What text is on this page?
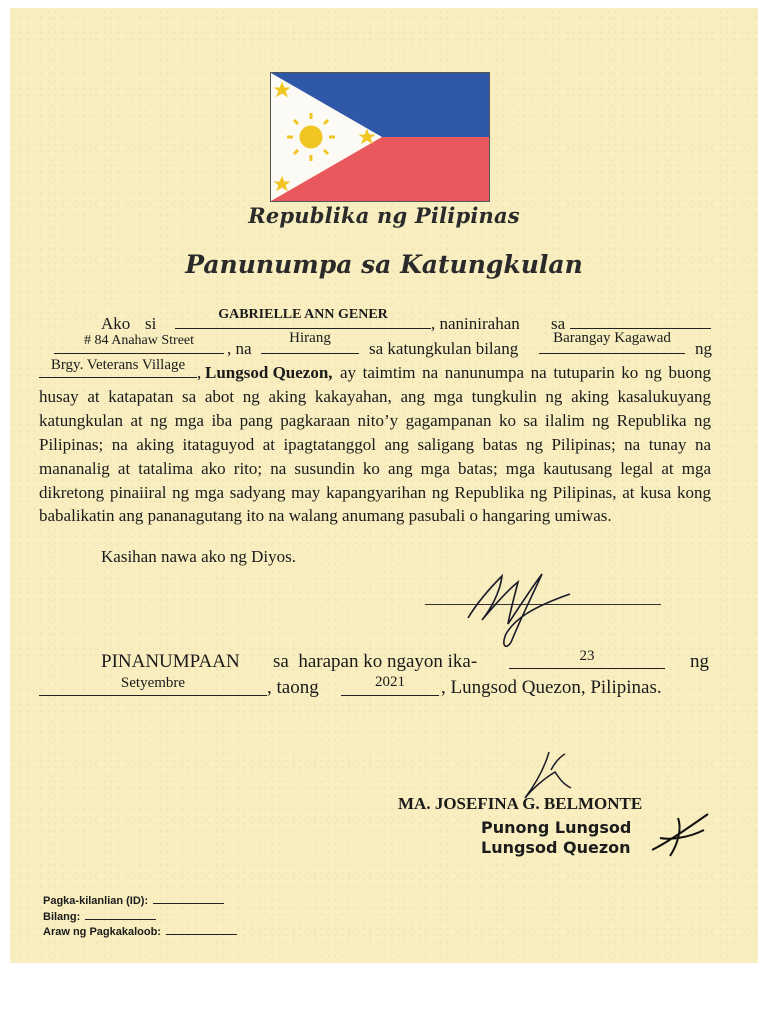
Republika ng Pilipinas
Panunumpa sa Katungkulan
Ako si	GABRIELLE ANN GENER	, naninirahan sa
# 84 Anahaw Street	, na
Hirang
sa katungkulan bilang
Barangay Kagawad
ng
Brgy. Veterans Village , Lungsod Quezon, ay taimtim na nanunumpa na tutuparin ko ng buong
husay at katapatan sa abot ng aking kakayahan, ang mga tungkulin ng aking kasalukuyang
katungkulan at ng mga iba pang pagkaraan nito’y gagampanan ko sa ilalim ng Republika ng
Pilipinas; na aking itataguyod at ipagtatanggol ang saligang batas ng Pilipinas; na tunay na
mananalig at tatalima ako rito; na susundin ko ang mga batas; mga kautusang legal at mga
dikretong pinaiiral ng mga sadyang may kapangyarihan ng Republika ng Pilipinas, at kusa kong
babalikatin ang pananagutang ito na walang anumang pasubali o hangaring umiwas.
Kasihan nawa ako ng Diyos.
PINANUMPAAN sa  harapan ko ngayon ika-	23	ng
Setyembre	, taong	2021	, Lungsod Quezon, Pilipinas.
MA. JOSEFINA G. BELMONTE
Punong Lungsod
Lungsod Quezon
Pagka-kilanlian (ID):
Bilang:
Araw ng Pagkakaloob:
